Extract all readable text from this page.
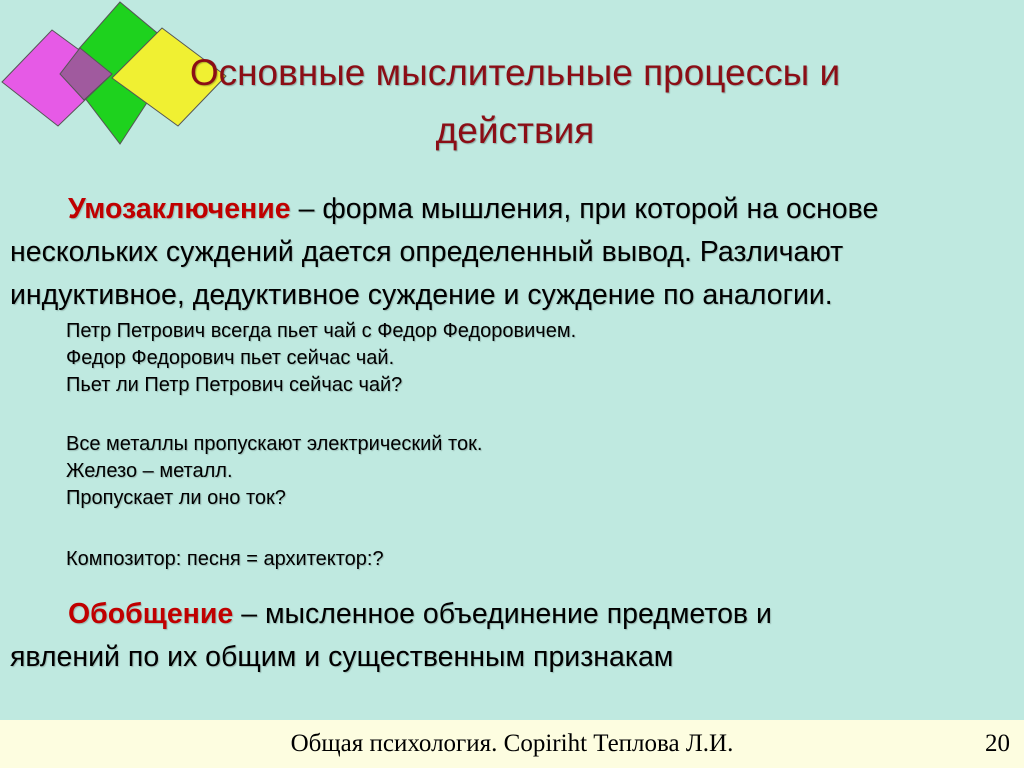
Основные мыслительные процессы и
действия
Умозаключение – форма мышления, при которой на основе
нескольких суждений дается определенный вывод. Различают
индуктивное, дедуктивное суждение и суждение по аналогии.
Петр Петрович всегда пьет чай с Федор Федоровичем.
Федор Федорович пьет сейчас чай.
Пьет ли Петр Петрович сейчас чай?
Все металлы пропускают электрический ток.
Железо – металл.
Пропускает ли оно ток?
Композитор: песня = архитектор:?
Обобщение – мысленное объединение предметов и
явлений по их общим и существенным признакам
Общая психология. Copiriht Теплова Л.И.	20
